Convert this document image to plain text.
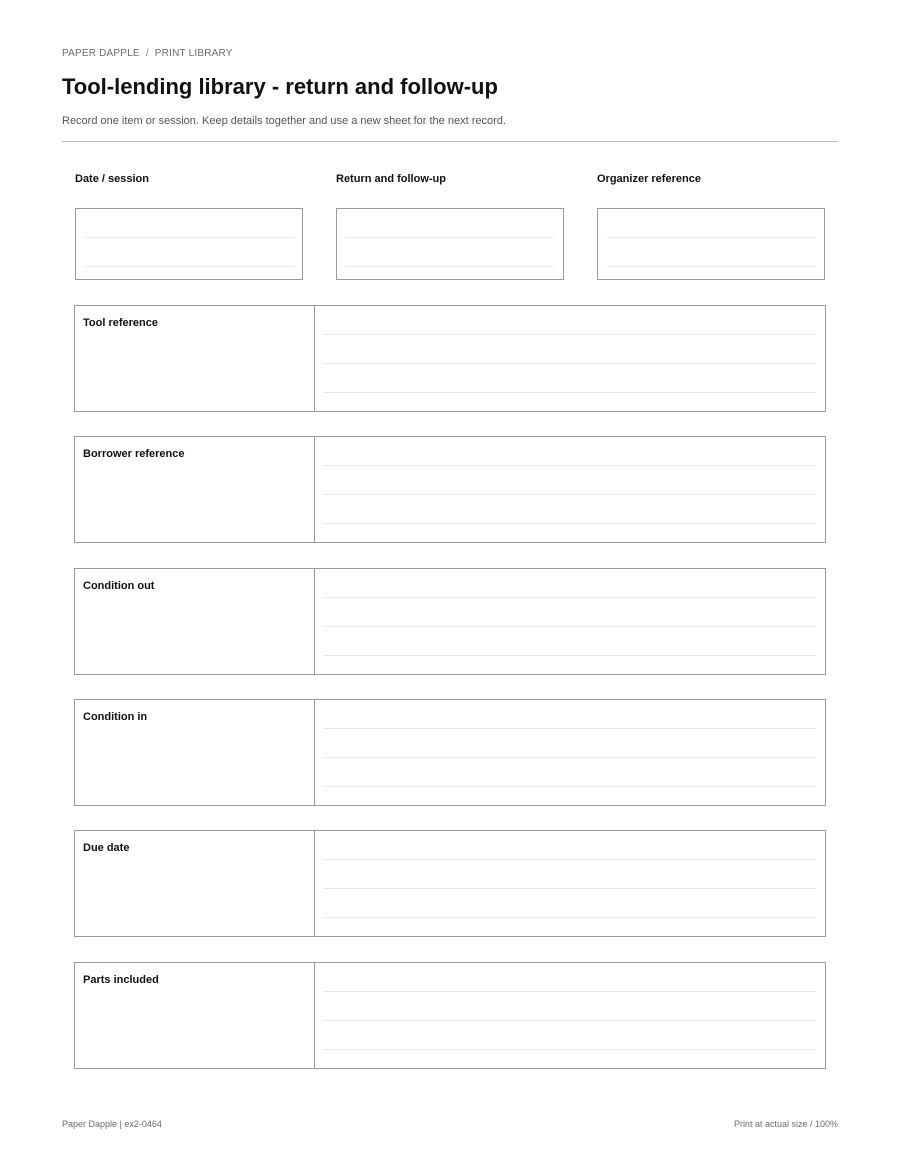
PAPER DAPPLE / PRINT LIBRARY
Tool-lending library - return and follow-up

Record one item or session. Keep details together and use a new sheet for the next record.

Date / session	Return and follow-up	Organizer reference
Tool reference
Borrower reference
Condition out
Condition in
Due date
Parts included
Paper Dapple | ex2-0464	Print at actual size / 100%
